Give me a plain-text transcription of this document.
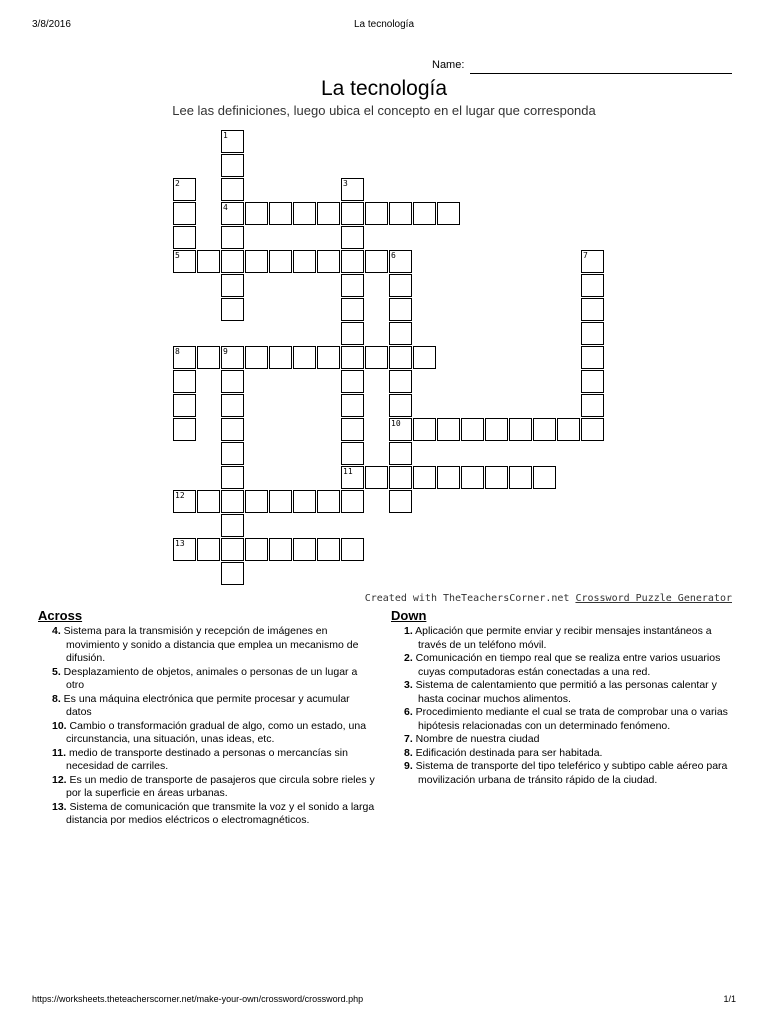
3/8/2016	La tecnología
Name:
La tecnología
Lee las definiciones, luego ubica el concepto en el lugar que corresponda
1
4
2
5
3
6
10
7
8	9
11
12
13
Created with TheTeachersCorner.net Crossword Puzzle Generator
Across	Down

4. Sistema para la transmisión y recepción de imágenes en movimiento y sonido a distancia que emplea un mecanismo de difusión.

5. Desplazamiento de objetos, animales o personas de un lugar a otro

8. Es una máquina electrónica que permite procesar y acumular datos

10. Cambio o transformación gradual de algo, como un estado, una circunstancia, una situación, unas ideas, etc.

11. medio de transporte destinado a personas o mercancías sin necesidad de carriles.

12. Es un medio de transporte de pasajeros que circula sobre rieles y por la superficie en áreas urbanas.

13. Sistema de comunicación que transmite la voz y el sonido a larga distancia por medios eléctricos o electromagnéticos.

1. Aplicación que permite enviar y recibir mensajes instantáneos a través de un teléfono móvil.

2. Comunicación en tiempo real que se realiza entre varios usuarios cuyas computadoras están conectadas a una red.

3. Sistema de calentamiento que permitió a las personas calentar y hasta cocinar muchos alimentos.

6. Procedimiento mediante el cual se trata de comprobar una o varias hipótesis relacionadas con un determinado fenómeno.

7. Nombre de nuestra ciudad

8. Edificación destinada para ser habitada.

9. Sistema de transporte del tipo teleférico y subtipo cable aéreo para movilización urbana de tránsito rápido de la ciudad.

https://worksheets.theteacherscorner.net/make-your-own/crossword/crossword.php	1/1
